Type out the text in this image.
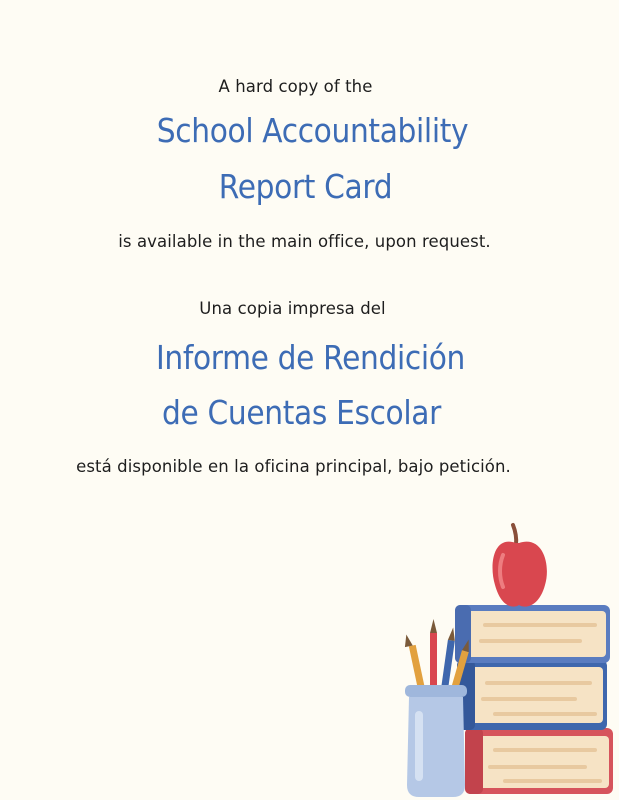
A hard copy of the
School Accountability
Report Card
is available in the main office, upon request.
Una copia impresa del
Informe de Rendición
de Cuentas Escolar
está disponible en la oficina principal, bajo petición.
